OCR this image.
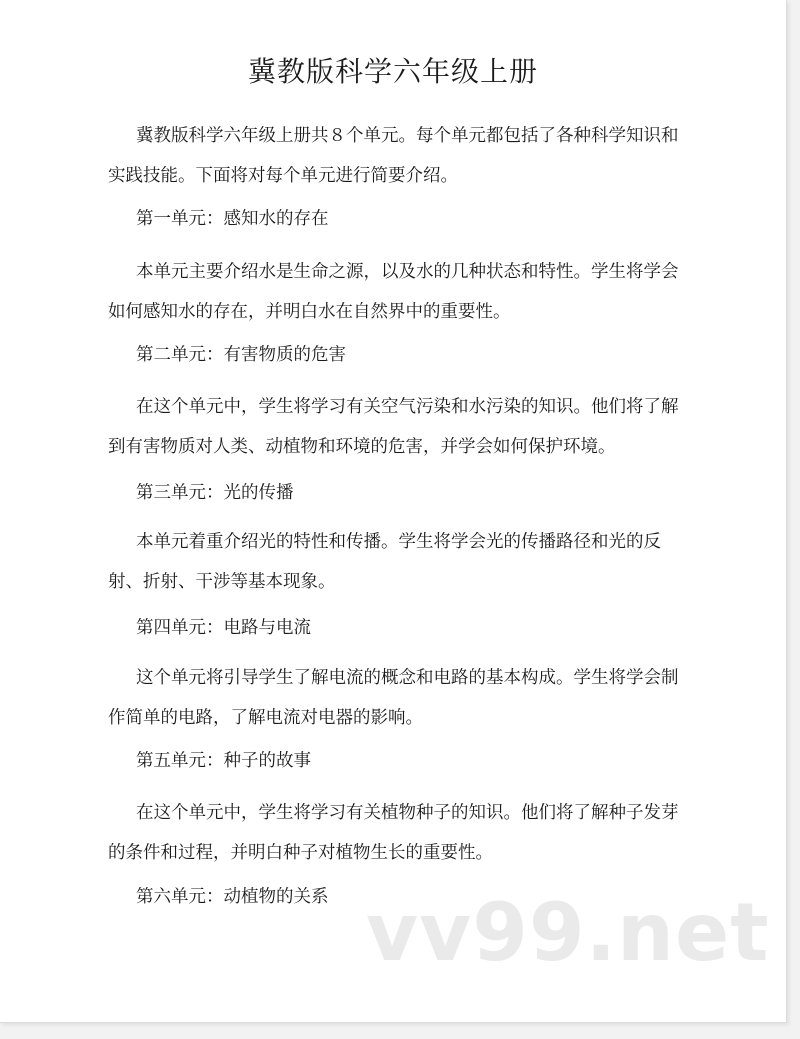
冀教版科学六年级上册

冀教版科学六年级上册共８个单元。每个单元都包括了各种科学知识和实践技能。下面将对每个单元进行简要介绍。

第一单元：感知水的存在

本单元主要介绍水是生命之源，以及水的几种状态和特性。学生将学会如何感知水的存在，并明白水在自然界中的重要性。

第二单元：有害物质的危害

在这个单元中，学生将学习有关空气污染和水污染的知识。他们将了解到有害物质对人类、动植物和环境的危害，并学会如何保护环境。

第三单元：光的传播

本单元着重介绍光的特性和传播。学生将学会光的传播路径和光的反射、折射、干涉等基本现象。

第四单元：电路与电流

这个单元将引导学生了解电流的概念和电路的基本构成。学生将学会制作简单的电路，了解电流对电器的影响。

第五单元：种子的故事

在这个单元中，学生将学习有关植物种子的知识。他们将了解种子发芽的条件和过程，并明白种子对植物生长的重要性。

第六单元：动植物的关系 vv99.net
